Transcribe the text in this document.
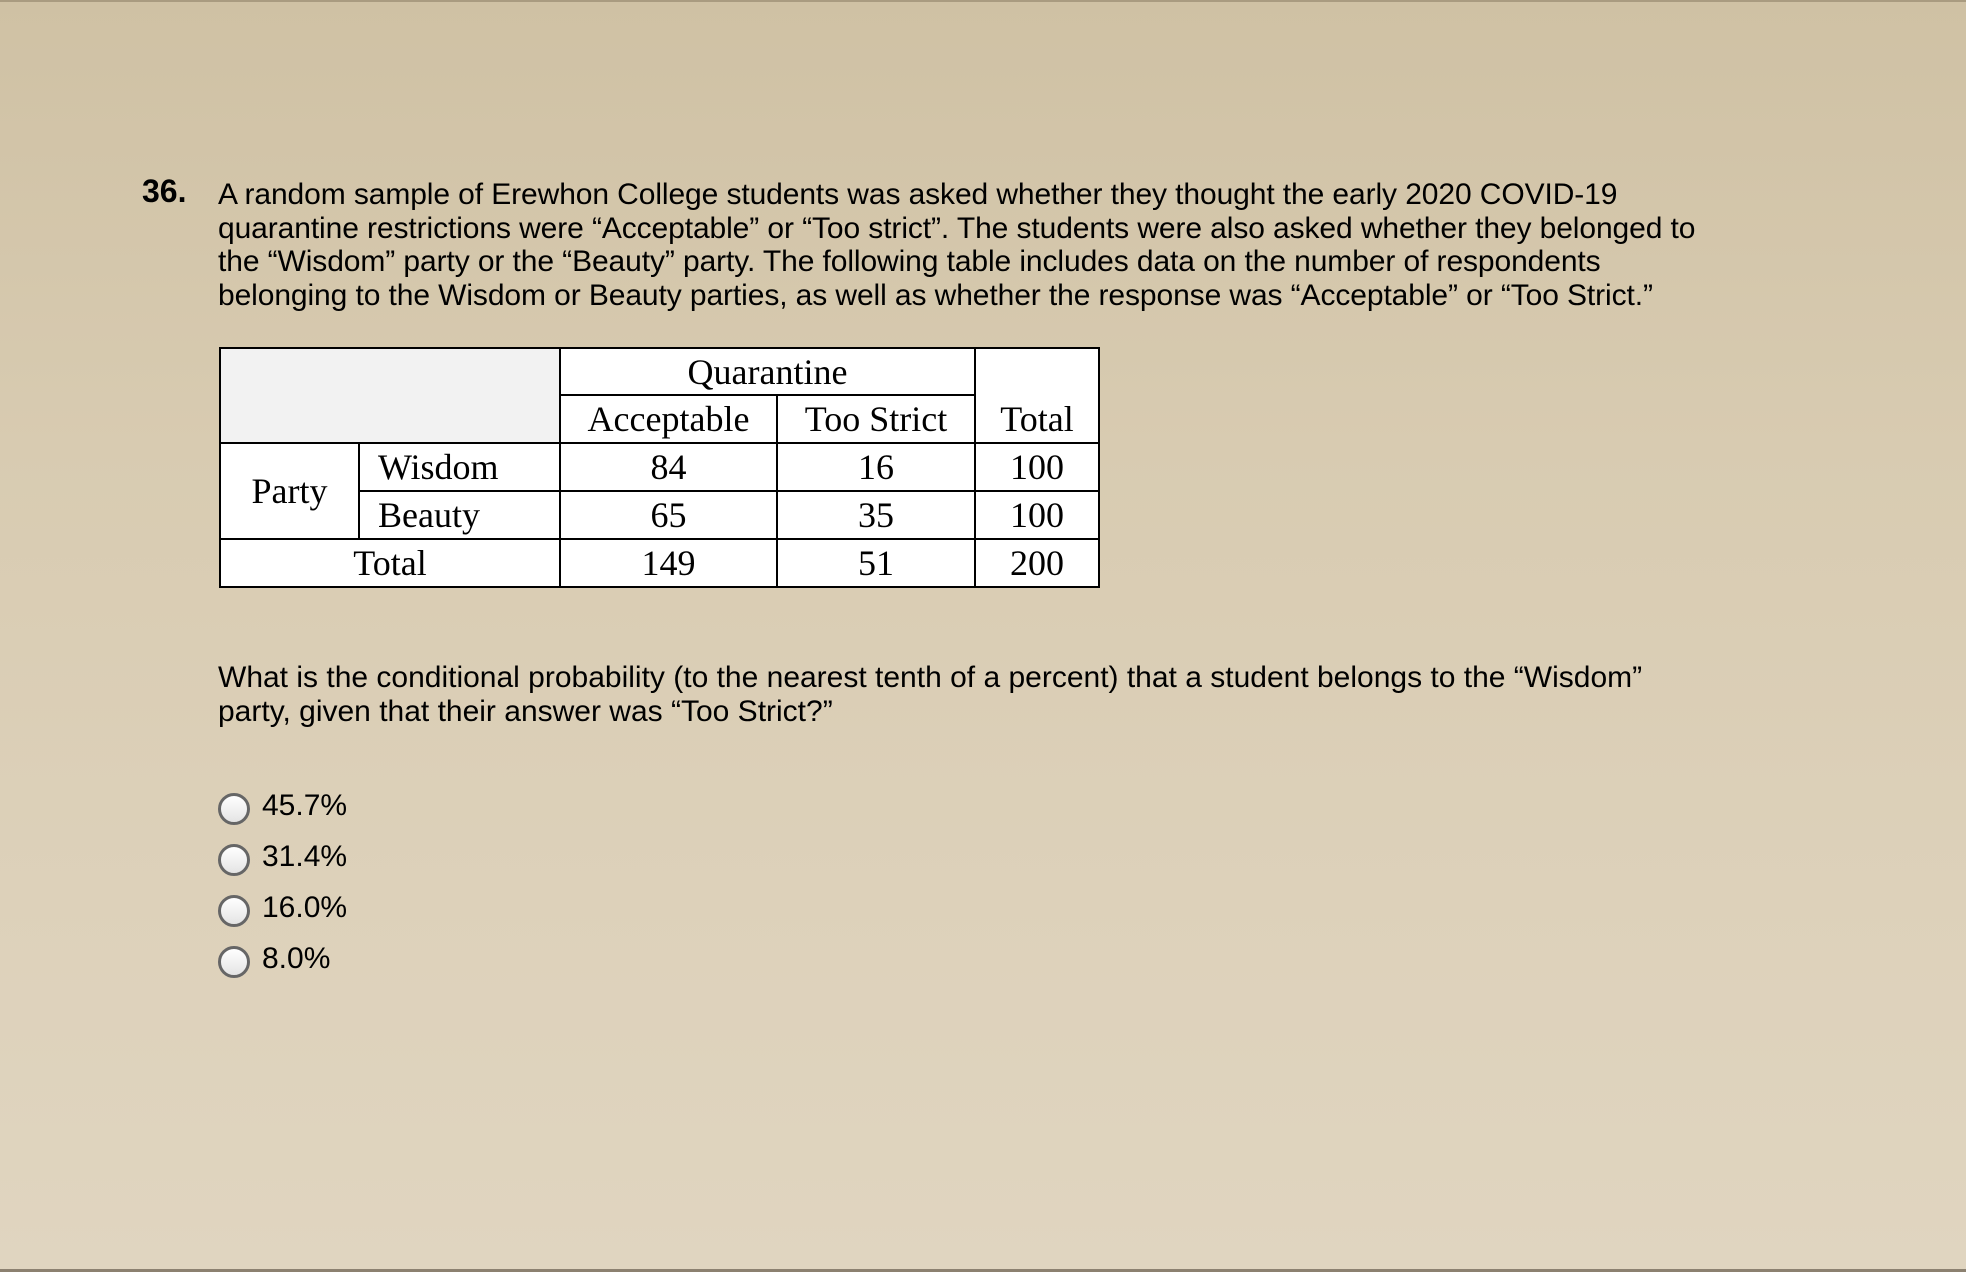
36. A random sample of Erewhon College students was asked whether they thought the early 2020 COVID-19
quarantine restrictions were “Acceptable” or “Too strict”. The students were also asked whether they belonged to
the “Wisdom” party or the “Beauty” party. The following table includes data on the number of respondents
belonging to the Wisdom or Beauty parties, as well as whether the response was “Acceptable” or “Too Strict.”
Quarantine
Acceptable	Too Strict	Total
Party
Wisdom	84	16	100
Beauty	65	35	100
Total	149	51	200
What is the conditional probability (to the nearest tenth of a percent) that a student belongs to the “Wisdom”
party, given that their answer was “Too Strict?”
45.7%
31.4%
16.0%
8.0%
